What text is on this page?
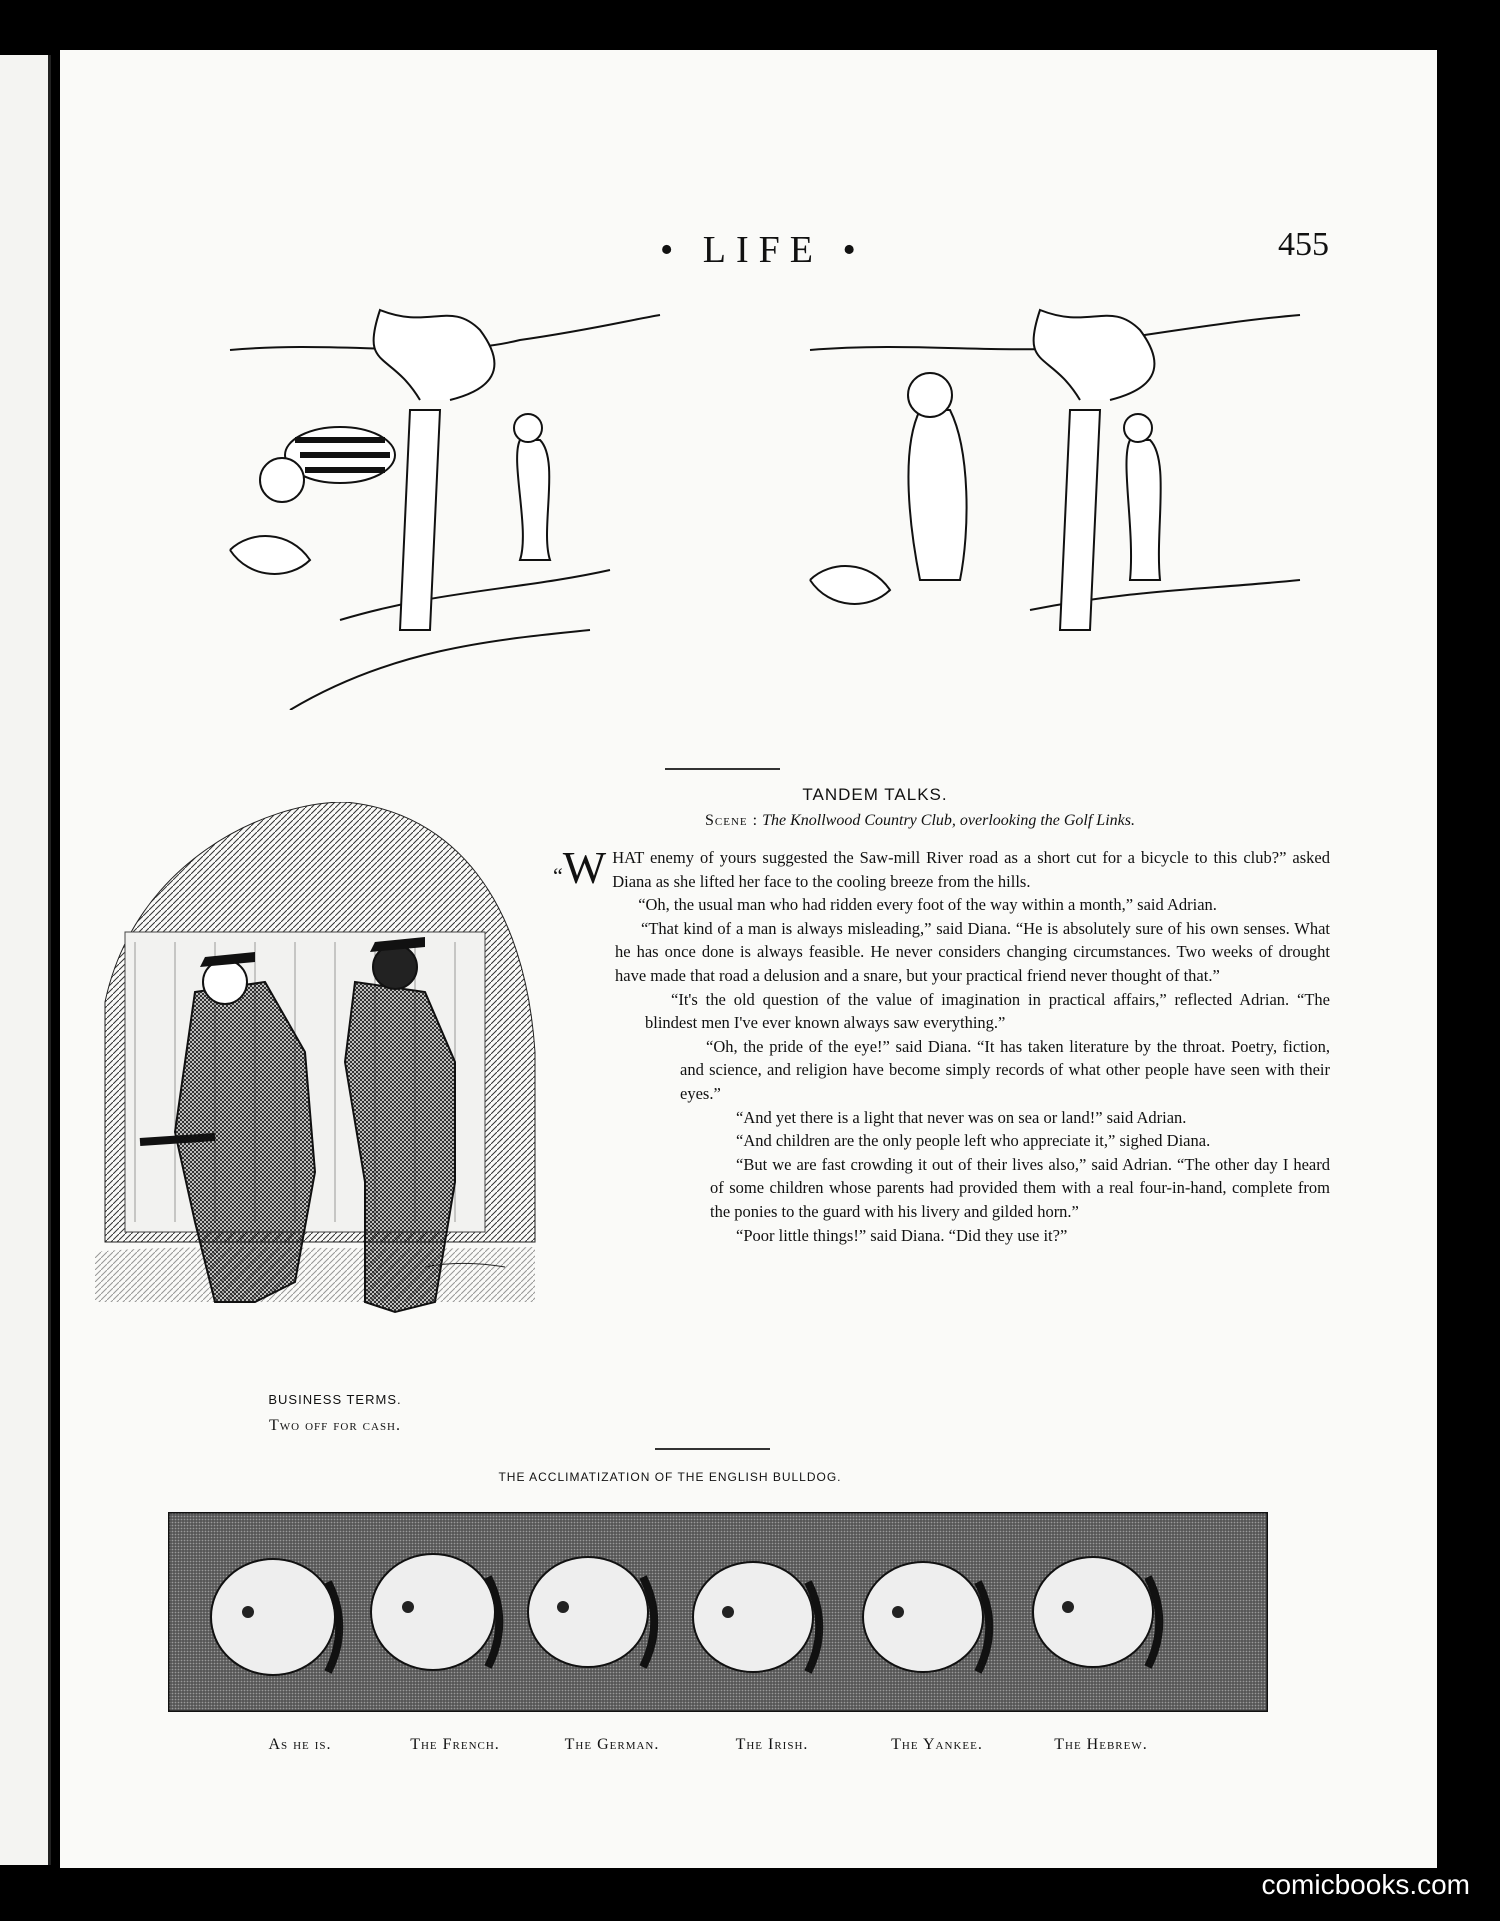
• LIFE •	455
BUSINESS TERMS.
Two off for cash.
TANDEM TALKS.
Scene : The Knollwood Country Club, overlooking the Golf Links.

“W HAT enemy of yours suggested the Saw-mill River road as a short cut for a bicycle to this club?” asked Diana as she lifted her face to the cooling breeze from the hills.

“Oh, the usual man who had ridden every foot of the way within a month,” said Adrian.

“That kind of a man is always misleading,” said Diana. “He is absolutely sure of his own senses. What he has once done is always feasible. He never considers changing circumstances. Two weeks of drought have made that road a delusion and a snare, but your practical friend never thought of that.”

“It's the old question of the value of imagination in practical affairs,” reflected Adrian. “The blindest men I've ever known always saw everything.”

“Oh, the pride of the eye!” said Diana. “It has taken literature by the throat. Poetry, fiction, and science, and religion have become simply records of what other people have seen with their eyes.”

“And yet there is a light that never was on sea or land!” said Adrian.

“And children are the only people left who appreciate it,” sighed Diana.

“But we are fast crowding it out of their lives also,” said Adrian. “The other day I heard of some children whose parents had provided them with a real four-in-hand, complete from the ponies to the guard with his livery and gilded horn.”

“Poor little things!” said Diana. “Did they use it?”

THE ACCLIMATIZATION OF THE ENGLISH BULLDOG.
As he is.	The French.	The German.	The Irish.	The Yankee.	The Hebrew.
comicbooks.com
